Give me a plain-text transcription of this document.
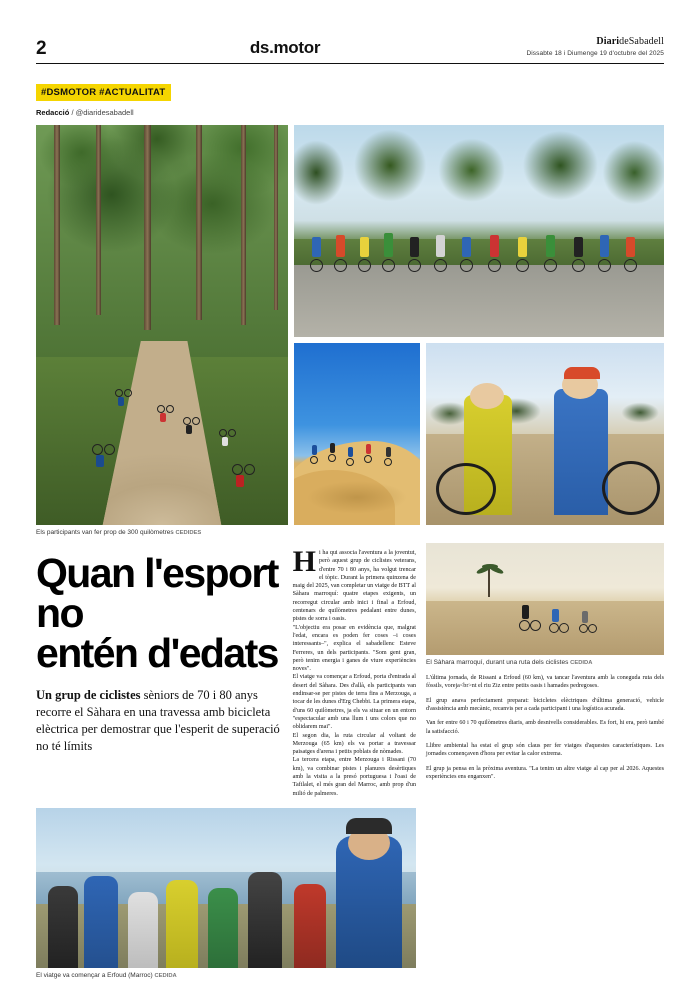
2	ds.motor	DiarideSabadell
Dissabte 18 i Diumenge 19 d'octubre del 2025
#DSMOTOR #ACTUALITAT
Redacció / @diaridesabadell
Els participants van fer prop de 300 quilòmetres CEDIDES
Quan l'esport no
entén d'edats
Un grup de ciclistes sèniors de 70 i 80 anys recorre el Sàhara en una travessa amb bicicleta elèctrica per demostrar que l'esperit de superació no té límits

Hi ha qui associa l'aventura a la joventut, però aquest grup de ciclistes veterans, d'entre 70 i 80 anys, ha volgut trencar el tòpic. Durant la primera quinzena de maig del 2025, van completar un viatge de BTT al Sàhara marroquí: quatre etapes exigents, un recorregut circular amb inici i final a Erfoud, centenars de quilòmetres pedalant entre dunes, pistes de sorra i oasis.

"L'objectiu era posar en evidència que, malgrat l'edat, encara es poden fer coses –i coses interessants–", explica el sabadellenc Esteve Ferreres, un dels participants. "Som gent gran, però tenim energia i ganes de viure experiències noves".

El viatge va començar a Erfoud, porta d'entrada al desert del Sàhara. Des d'allà, els participants van endinsar-se per pistes de terra fins a Merzouga, a tocar de les dunes d'Erg Chebbi. La primera etapa, d'uns 60 quilòmetres, ja els va situar en un entorn "espectacular amb una llum i uns colors que no oblidarem mai".

El segon dia, la ruta circular al voltant de Merzouga (65 km) els va portar a travessar paisatges d'arena i petits poblats de nòmades.

La tercera etapa, entre Merzouga i Rissani (70 km), va combinar pistes i planures desèrtiques amb la visita a la presó portuguesa i l'oasi de Tafilalet, el més gran del Marroc, amb prop d'un milió de palmeres.

El viatge va començar a Erfoud (Marroc) CEDIDA
El Sàhara marroquí, durant una ruta dels ciclistes CEDIDA

L'última jornada, de Rissani a Erfoud (60 km), va tancar l'aventura amb la coneguda ruta dels fòssils, voreja<br>nt el riu Ziz entre petits oasis i hamades pedregoses.

El grup anava perfectament preparat: bicicletes elèctriques d'última generació, vehicle d'assistència amb mecànic, recanvis per a cada participant i una logística acurada.

Van fer entre 60 i 70 quilòmetres diaris, amb desnivells considerables. Es fort, hi era, però també la satisfacció.

Llibre ambiental ha estat el grup són claus per fer viatges d'aquestes característiques. Les jornades començaven d'hora per evitar la calor extrema.

El grup ja pensa en la pròxima aventura. "La tenim un altre viatge al cap per al 2026. Aquestes experiències ens enganxen".
